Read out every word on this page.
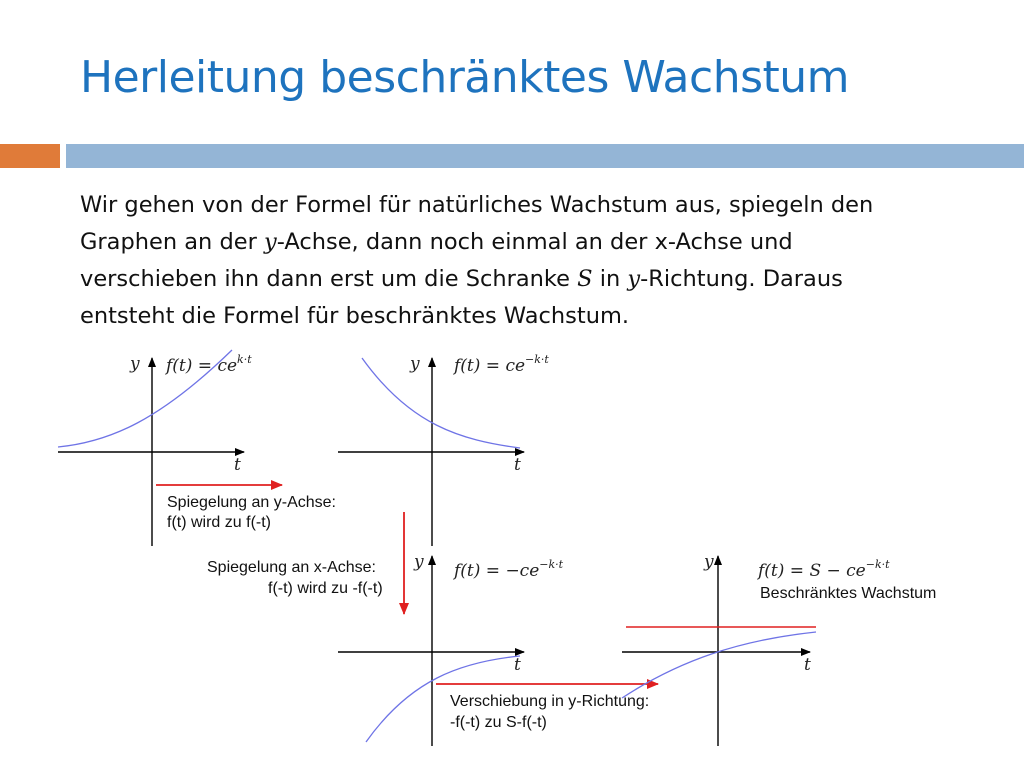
Herleitung beschränktes Wachstum
Wir gehen von der Formel für natürliches Wachstum aus, spiegeln den
Graphen an der y-Achse, dann noch einmal an der x-Achse und
verschieben ihn dann erst um die Schranke S in y-Richtung. Daraus
entsteht die Formel für beschränktes Wachstum.
y
t
$f(t) = ce^{k\cdot t}$
Spiegelung an y-Achse:
f(t) wird zu f(-t)
y
t
$f(t) = ce^{-k\cdot t}$
Spiegelung an x-Achse:
f(-t) wird zu -f(-t)
y
t
$f(t) = -ce^{-k\cdot t}$
Verschiebung in y-Richtung:
-f(-t) zu S-f(-t)
y
t
$f(t) = S - ce^{-k\cdot t}$
Beschränktes Wachstum
